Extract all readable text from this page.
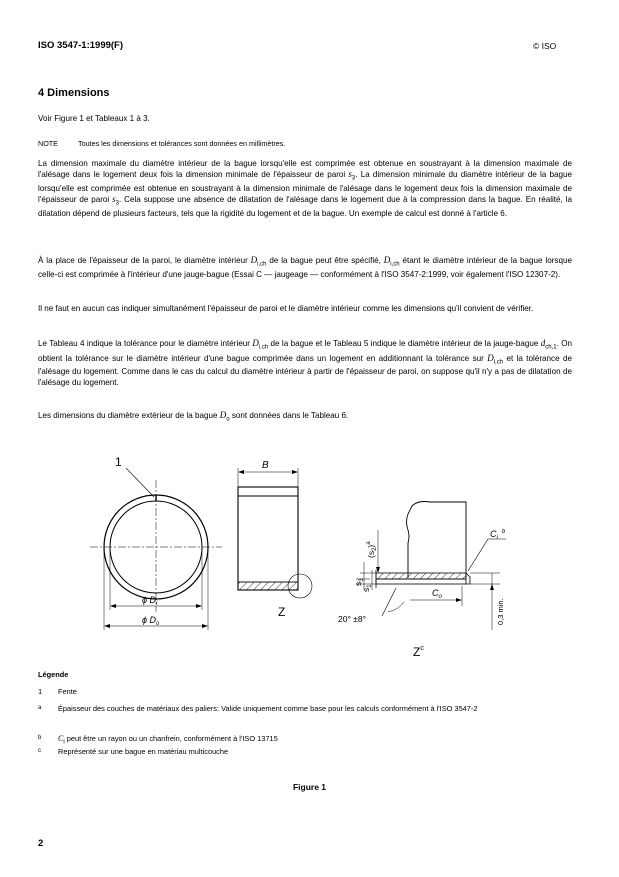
ISO 3547-1:1999(F)	© ISO
4 Dimensions
Voir Figure 1 et Tableaux 1 à 3.
NOTE	Toutes les dimensions et tolérances sont données en millimètres.
La dimension maximale du diamètre intérieur de la bague lorsqu'elle est comprimée est obtenue en soustrayant à la dimension maximale de l'alésage dans le logement deux fois la dimension minimale de l'épaisseur de paroi $s_3$. La dimension minimale du diamètre intérieur de la bague lorsqu'elle est comprimée est obtenue en soustrayant à la dimension minimale de l'alésage dans le logement deux fois la dimension maximale de l'épaisseur de paroi $s_3$. Cela suppose une absence de dilatation de l'alésage dans le logement due à la compression dans la bague. En réalité, la dilatation dépend de plusieurs facteurs, tels que la rigidité du logement et de la bague. Un exemple de calcul est donné à l'article 6.
À la place de l'épaisseur de la paroi, le diamètre intérieur $D_{i,ch}$ de la bague peut être spécifié, $D_{i,ch}$ étant le diamètre intérieur de la bague lorsque celle-ci est comprimée à l'intérieur d'une jauge-bague (Essai C — jaugeage — conformément à l'ISO 3547-2:1999, voir également l'ISO 12307-2).
Il ne faut en aucun cas indiquer simultanément l'épaisseur de paroi et le diamètre intérieur comme les dimensions qu'il convient de vérifier.
Le Tableau 4 indique la tolérance pour le diamètre intérieur $D_{i,ch}$ de la bague et le Tableau 5 indique le diamètre intérieur de la jauge-bague $d_{ch,1}$. On obtient la tolérance sur le diamètre intérieur d'une bague comprimée dans un logement en additionnant la tolérance sur $D_{i,ch}$ et la tolérance de l'alésage du logement. Comme dans le cas du calcul du diamètre intérieur à partir de l'épaisseur de paroi, on suppose qu'il n'y a pas de dilatation de l'alésage du logement.
Les dimensions du diamètre extérieur de la bague $D_o$ sont données dans le Tableau 6.
1
ϕ $D_i$
ϕ $D_o$
B
Z
$(s_2)^a$
$s_3$
$s_1$
$C_i^b$
$C_o$
20° ±8°	0,3 min.
$Z^c$
Légende
1 Fente
a Épaisseur des couches de matériaux des paliers: Valide uniquement comme base pour les calculs conformément à l'ISO 3547-2
b $C_i$ peut être un rayon ou un chanfrein, conformément à l'ISO 13715
c Représenté sur une bague en matériau multicouche
Figure 1
2
